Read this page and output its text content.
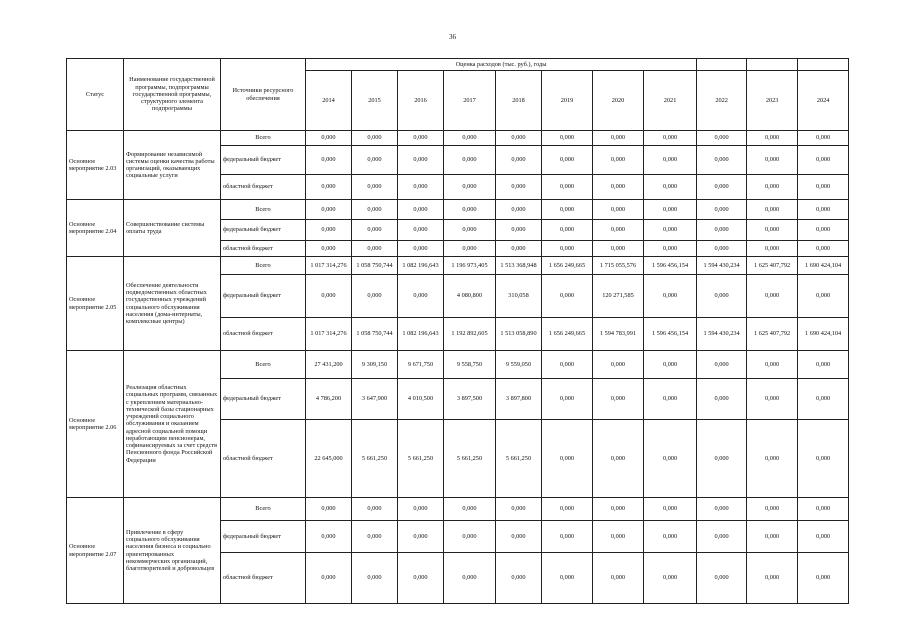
36
Статус	Наименование государственной программы, подпрограммы государственной программы, структурного элемента подпрограммы	Источники ресурсного обеспечения	Оценка расходов (тыс. руб.), годы										
			2014	2015	2016	2017	2018	2019	2020	2021	2022	2023	2024
Основное мероприятие 2.03	Формирование независимой системы оценки качества работы организаций, оказывающих социальные услуги	Всего	0,000	0,000	0,000	0,000	0,000	0,000	0,000	0,000	0,000	0,000	0,000
		федеральный бюджет	0,000	0,000	0,000	0,000	0,000	0,000	0,000	0,000	0,000	0,000	0,000
		областной бюджет	0,000	0,000	0,000	0,000	0,000	0,000	0,000	0,000	0,000	0,000	0,000
Основное мероприятие 2.04	Совершенствование системы оплаты труда	Всего	0,000	0,000	0,000	0,000	0,000	0,000	0,000	0,000	0,000	0,000	0,000
		федеральный бюджет	0,000	0,000	0,000	0,000	0,000	0,000	0,000	0,000	0,000	0,000	0,000
		областной бюджет	0,000	0,000	0,000	0,000	0,000	0,000	0,000	0,000	0,000	0,000	0,000
Основное мероприятие 2.05	Обеспечение деятельности подведомственных областных государственных учреждений социального обслуживания населения (дома-интернаты, комплексные центры)	Всего	1 017 314,276	1 058 750,744	1 082 196,643	1 196 973,405	1 513 368,948	1 656 249,665	1 715 055,576	1 596 456,154	1 594 430,234	1 625 407,792	1 690 424,104
		федеральный бюджет	0,000	0,000	0,000	4 080,800	310,058	0,000	120 271,585	0,000	0,000	0,000	0,000
		областной бюджет	1 017 314,276	1 058 750,744	1 082 196,643	1 192 892,605	1 513 058,890	1 656 249,665	1 594 783,991	1 596 456,154	1 594 430,234	1 625 407,792	1 690 424,104
Основное мероприятие 2.06	Реализация областных социальных программ, связанных с укреплением материально-технической базы стационарных учреждений социального обслуживания и оказанием адресной социальной помощи неработающим пенсионерам, софинансируемых за счет средств Пенсионного фонда Российской Федерации	Всего	27 431,200	9 309,150	9 671,750	9 558,750	9 559,050	0,000	0,000	0,000	0,000	0,000	0,000
		федеральный бюджет	4 786,200	3 647,900	4 010,500	3 897,500	3 897,800	0,000	0,000	0,000	0,000	0,000	0,000
		областной бюджет	22 645,000	5 661,250	5 661,250	5 661,250	5 661,250	0,000	0,000	0,000	0,000	0,000	0,000
Основное мероприятие 2.07	Привлечение в сферу социального обслуживания населения бизнеса и социально ориентированных некоммерческих организаций, благотворителей и добровольцев	Всего	0,000	0,000	0,000	0,000	0,000	0,000	0,000	0,000	0,000	0,000	0,000
		федеральный бюджет	0,000	0,000	0,000	0,000	0,000	0,000	0,000	0,000	0,000	0,000	0,000
		областной бюджет	0,000	0,000	0,000	0,000	0,000	0,000	0,000	0,000	0,000	0,000	0,000
